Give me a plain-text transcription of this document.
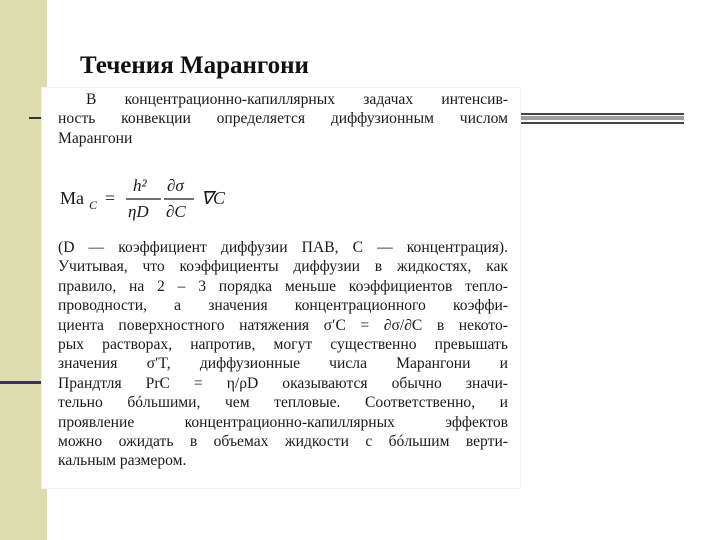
Течения Марангони

В концентрационно-капиллярных задачах интенсив-

ность конвекции определяется диффузионным числом

Марангони

Ma C =
h²
ηD
∂σ
∂C
∇C

(D — коэффициент диффузии ПАВ, C — концентрация).

Учитывая, что коэффициенты диффузии в жидкостях, как

правило, на 2 – 3 порядка меньше коэффициентов тепло-

проводности, а значения концентрационного коэффи-

циента поверхностного натяжения σ′C = ∂σ/∂C в некото-

рых растворах, напротив, могут существенно превышать

значения σ′T, диффузионные числа Марангони и

Прандтля PrC = η/ρD оказываются обычно значи-

тельно бóльшими, чем тепловые. Соответственно, и

проявление концентрационно-капиллярных эффектов

можно ожидать в объемах жидкости с бóльшим верти-

кальным размером.
